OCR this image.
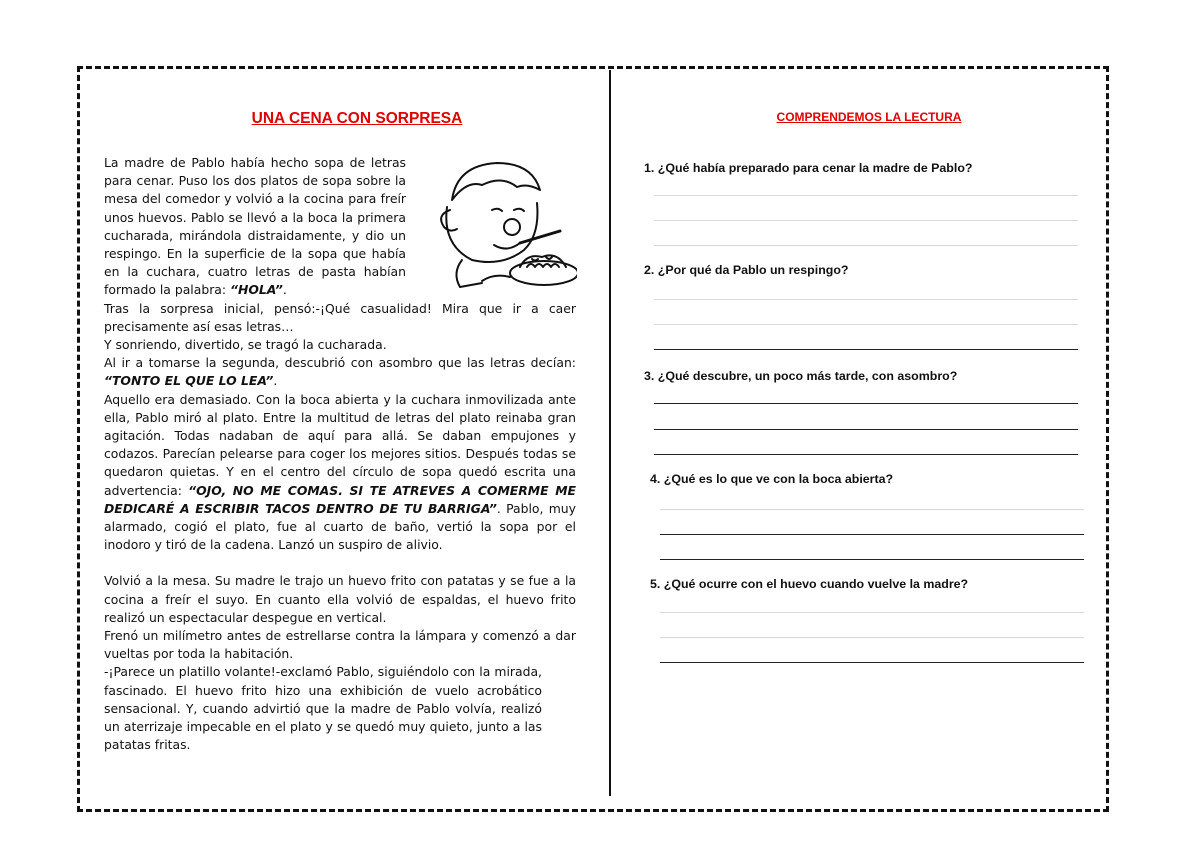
UNA CENA CON SORPRESA

La madre de Pablo había hecho sopa de letras para cenar. Puso los dos platos de sopa sobre la mesa del comedor y volvió a la cocina para freír unos huevos. Pablo se llevó a la boca la primera cucharada, mirándola distraidamente, y dio un respingo. En la superficie de la sopa que había en la cuchara, cuatro letras de pasta habían formado la palabra: “HOLA”.

Tras la sorpresa inicial, pensó:-¡Qué casualidad! Mira que ir a caer precisamente así esas letras…

Y sonriendo, divertido, se tragó la cucharada.

Al ir a tomarse la segunda, descubrió con asombro que las letras decían: “TONTO EL QUE LO LEA”.

Aquello era demasiado. Con la boca abierta y la cuchara inmovilizada ante ella, Pablo miró al plato. Entre la multitud de letras del plato reinaba gran agitación. Todas nadaban de aquí para allá. Se daban empujones y codazos. Parecían pelearse para coger los mejores sitios. Después todas se quedaron quietas. Y en el centro del círculo de sopa quedó escrita una advertencia: “OJO, NO ME COMAS. SI TE ATREVES A COMERME ME DEDICARÉ A ESCRIBIR TACOS DENTRO DE TU BARRIGA”. Pablo, muy alarmado, cogió el plato, fue al cuarto de baño, vertió la sopa por el inodoro y tiró de la cadena. Lanzó un suspiro de alivio.

Volvió a la mesa. Su madre le trajo un huevo frito con patatas y se fue a la cocina a freír el suyo. En cuanto ella volvió de espaldas, el huevo frito realizó un espectacular despegue en vertical.

Frenó un milímetro antes de estrellarse contra la lámpara y comenzó a dar vueltas por toda la habitación.

-¡Parece un platillo volante!-exclamó Pablo, siguiéndolo con la mirada, fascinado. El huevo frito hizo una exhibición de vuelo acrobático sensacional. Y, cuando advirtió que la madre de Pablo volvía, realizó un aterrizaje impecable en el plato y se quedó muy quieto, junto a las patatas fritas.

COMPRENDEMOS LA LECTURA
1. ¿Qué había preparado para cenar la madre de Pablo?
2. ¿Por qué da Pablo un respingo?
3. ¿Qué descubre, un poco más tarde, con asombro?
4. ¿Qué es lo que ve con la boca abierta?
5. ¿Qué ocurre con el huevo cuando vuelve la madre?
